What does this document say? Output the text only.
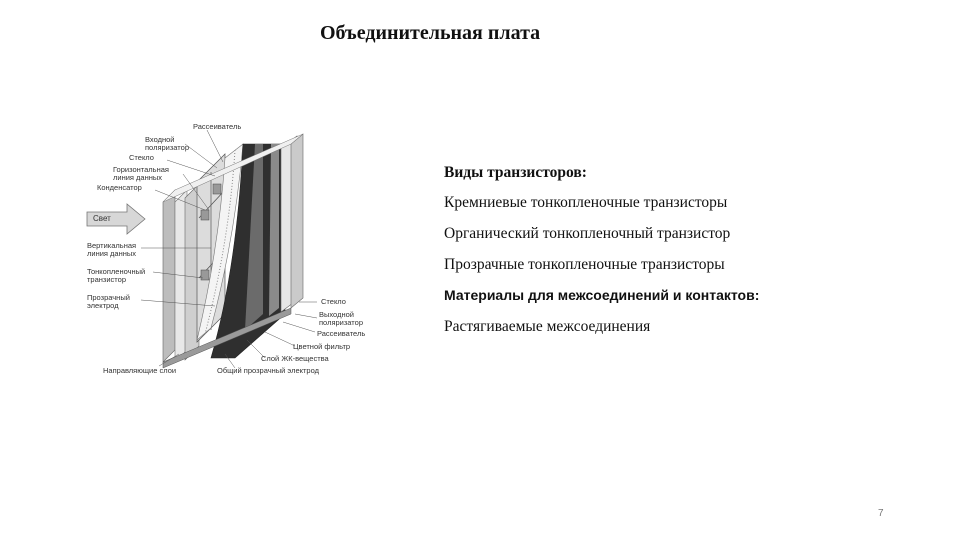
Объединительная плата
Свет
Рассеиватель
Входной
поляризатор
Стекло
Горизонтальная
линия данных
Конденсатор
Вертикальная
линия данных
Тонкопленочный
транзистор
Прозрачный
электрод
Направляющие слои
Стекло
Выходной
поляризатор
Рассеиватель
Цветной фильтр
Слой ЖК-вещества
Общий прозрачный электрод
Виды транзисторов:
Кремниевые тонкопленочные транзисторы
Органический тонкопленочный транзистор
Прозрачные тонкопленочные транзисторы
Материалы для межсоединений и контактов:
Растягиваемые межсоединения
7
